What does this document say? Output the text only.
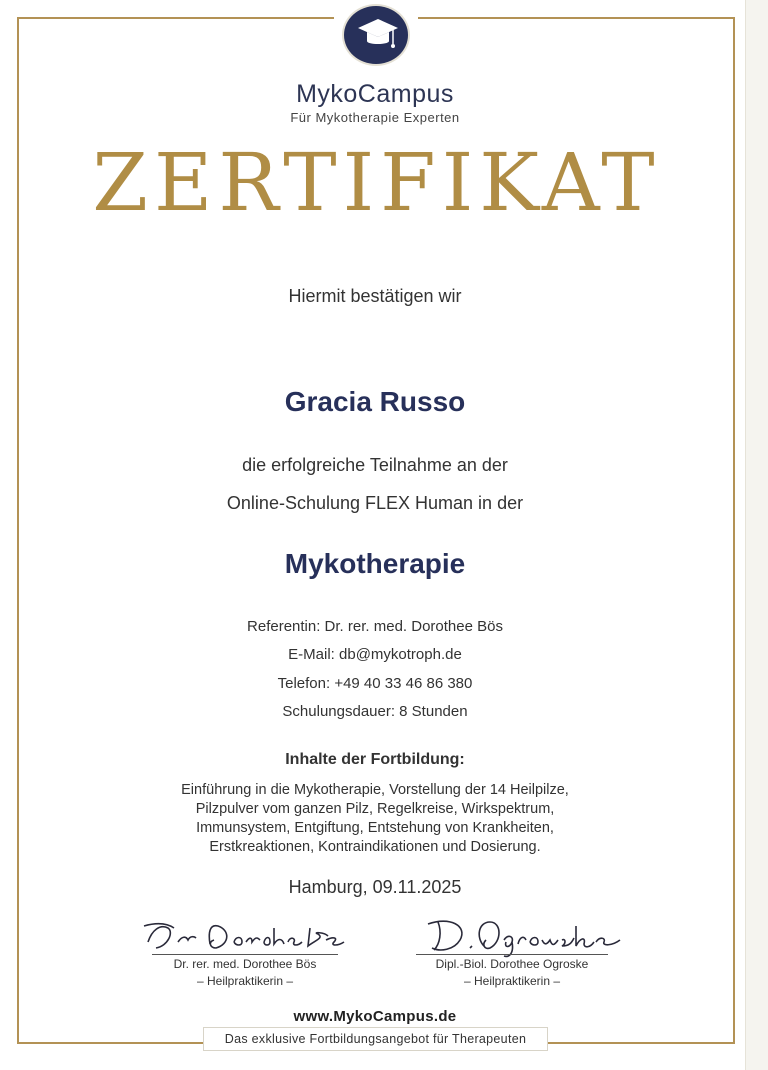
MykoCampus
Für Mykotherapie Experten
ZERTIFIKAT
Hiermit bestätigen wir
Gracia Russo
die erfolgreiche Teilnahme an der
Online-Schulung FLEX Human in der
Mykotherapie
Referentin: Dr. rer. med. Dorothee Bös
E-Mail: db@mykotroph.de
Telefon: +49 40 33 46 86 380
Schulungsdauer: 8 Stunden
Inhalte der Fortbildung:
Einführung in die Mykotherapie, Vorstellung der 14 Heilpilze,
Pilzpulver vom ganzen Pilz, Regelkreise, Wirkspektrum,
Immunsystem, Entgiftung, Entstehung von Krankheiten,
Erstkreaktionen, Kontraindikationen und Dosierung.
Hamburg, 09.11.2025
Dr. rer. med. Dorothee Bös
– Heilpraktikerin –
Dipl.-Biol. Dorothee Ogroske
– Heilpraktikerin –
www.MykoCampus.de
Das exklusive Fortbildungsangebot für Therapeuten
